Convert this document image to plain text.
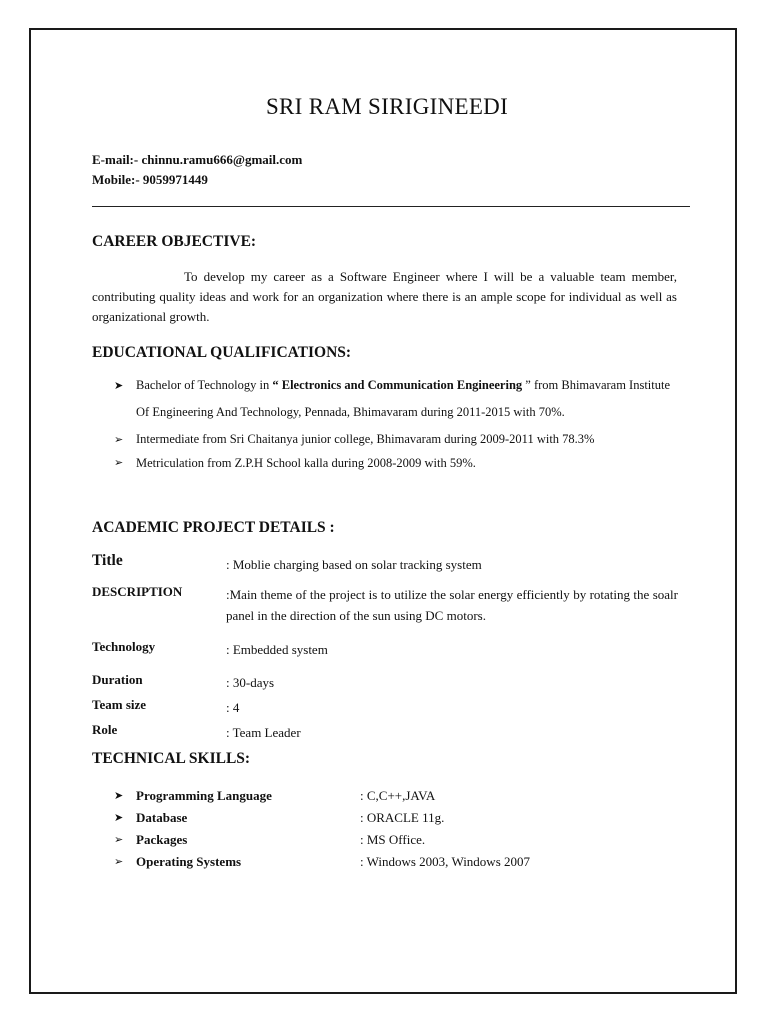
SRI RAM SIRIGINEEDI
E-mail:- chinnu.ramu666@gmail.com
Mobile:- 9059971449
CAREER OBJECTIVE:

To develop my career as a Software Engineer where I will be a valuable team member, contributing quality ideas and work for an organization where there is an ample scope for individual as well as organizational growth.

EDUCATIONAL QUALIFICATIONS:
➤ Bachelor of Technology in “ Electronics and Communication Engineering ” from Bhimavaram Institute Of Engineering And Technology, Pennada, Bhimavaram during 2011-2015 with 70%.
➢ Intermediate from Sri Chaitanya junior college, Bhimavaram during 2009-2011 with 78.3%
➢ Metriculation from Z.P.H School kalla during 2008-2009 with 59%.
ACADEMIC PROJECT DETAILS :
Title	: Moblie charging based on solar tracking system
DESCRIPTION	:Main theme of the project is to utilize the solar energy efficiently by rotating the soalr panel in the direction of the sun using DC motors.
Technology	: Embedded system
Duration	: 30-days
Team size	: 4
Role	: Team Leader
TECHNICAL SKILLS:
➤ Programming Language	: C,C++,JAVA
➤ Database	: ORACLE 11g.
➢ Packages	: MS Office.
➢ Operating Systems	: Windows 2003, Windows 2007
